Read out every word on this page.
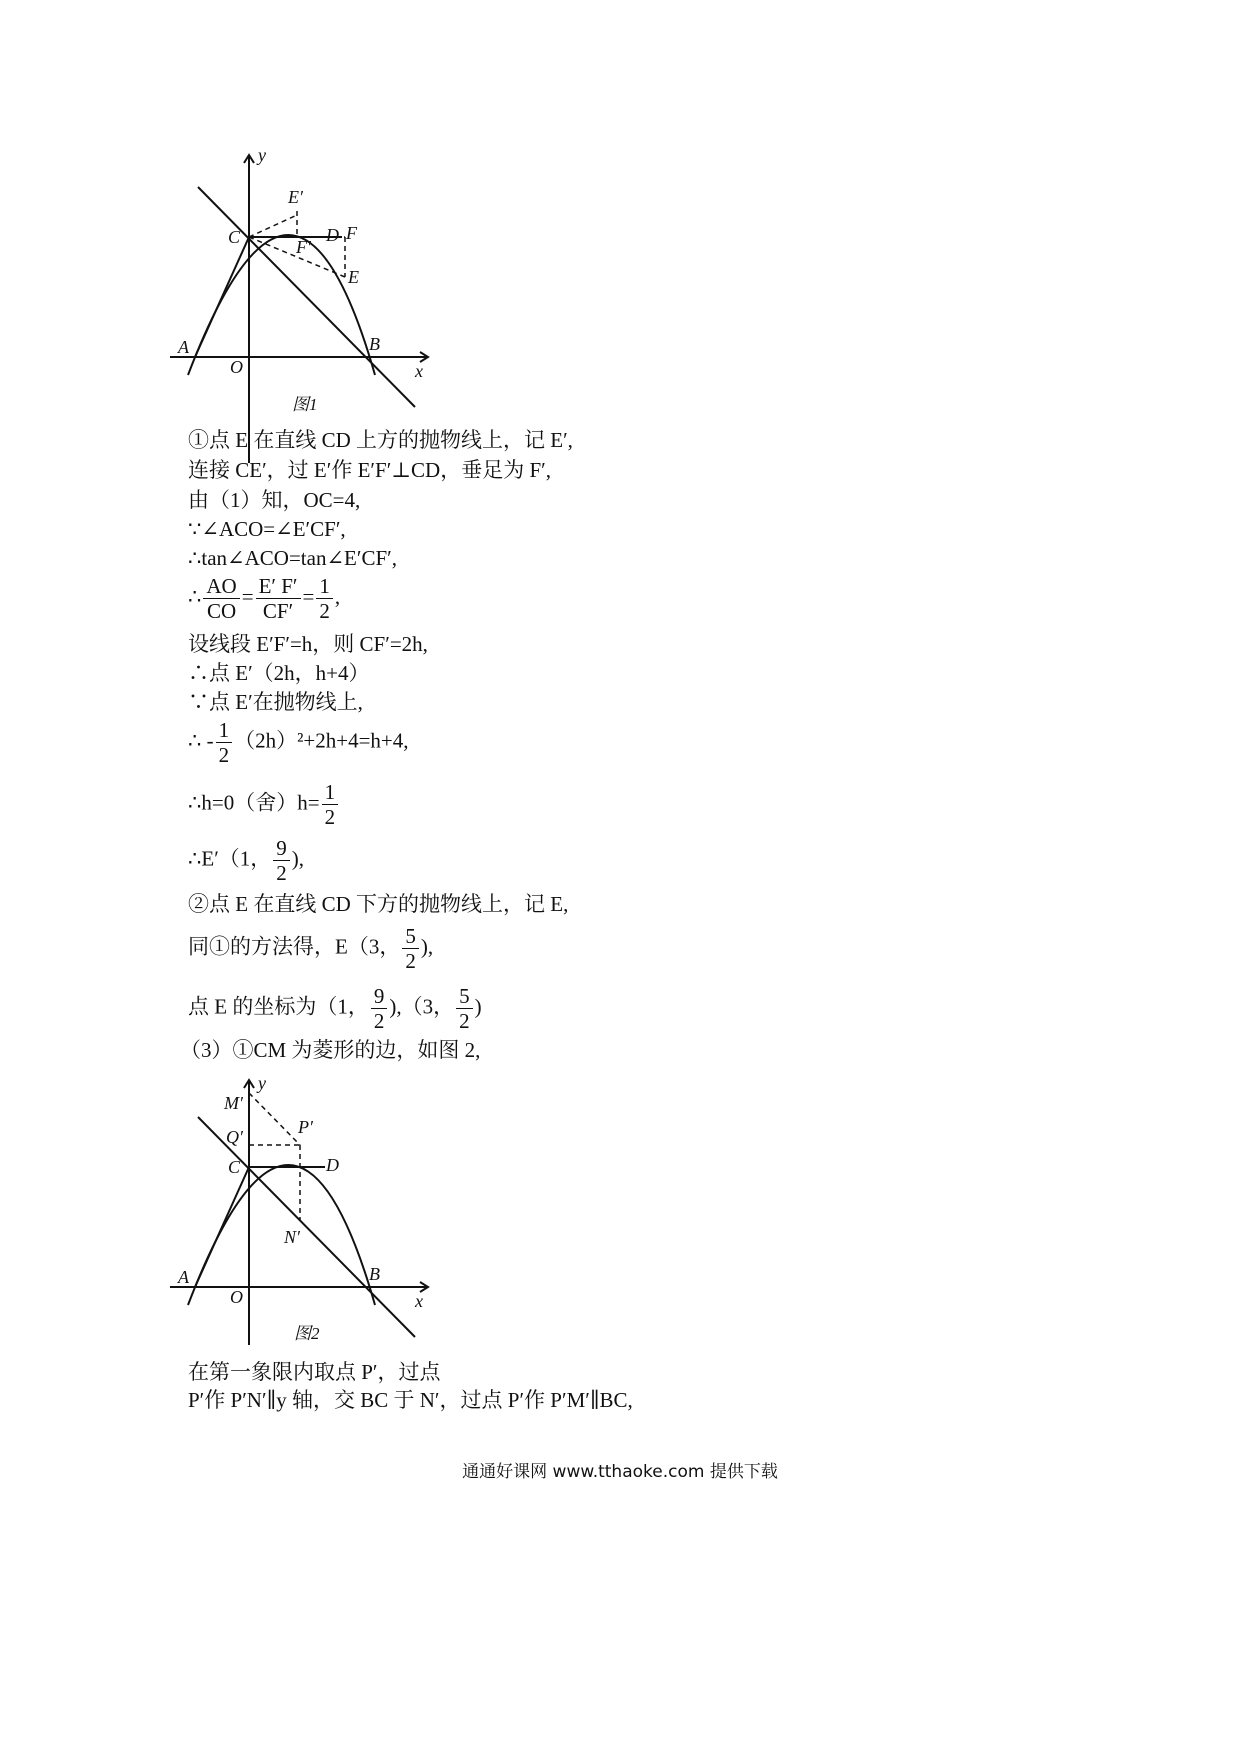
y
x
O
A	B
C	D
E′
F′
F
E
图1
①点 E 在直线 CD 上方的抛物线上，记 E′,
连接 CE′，过 E′作 E′F′⊥CD，垂足为 F′,
由（1）知，OC=4,
∵∠ACO=∠E′CF′,
∴tan∠ACO=tan∠E′CF′,
∴ $\frac{AO}{CO} = \frac{E' F'}{CF'} = \frac{1}{2}$ ,
设线段 E′F′=h，则 CF′=2h,
∴点 E′（2h，h+4）
∵点 E′在抛物线上,
∴ - $\frac{1}{2} (2h)^2+2h+4=h+4$,
∴h=0（舍）$h= \frac{1}{2}$
∴E′（1， $\frac{9}{2}$ ),
②点 E 在直线 CD 下方的抛物线上，记 E,
同①的方法得，E（3， $\frac{5}{2}$ ),
点 E 的坐标为（1， $\frac{9}{2} ),(3$， $\frac{5}{2}$ )
（3）①CM 为菱形的边，如图 2,
y
x
O
A	B
C	D
M′
Q′	P′
N′
图2
在第一象限内取点 P′，过点
P′作 P′N′∥y 轴，交 BC 于 N′，过点 P′作 P′M′∥BC,
通通好课网 www.tthaoke.com 提供下载
